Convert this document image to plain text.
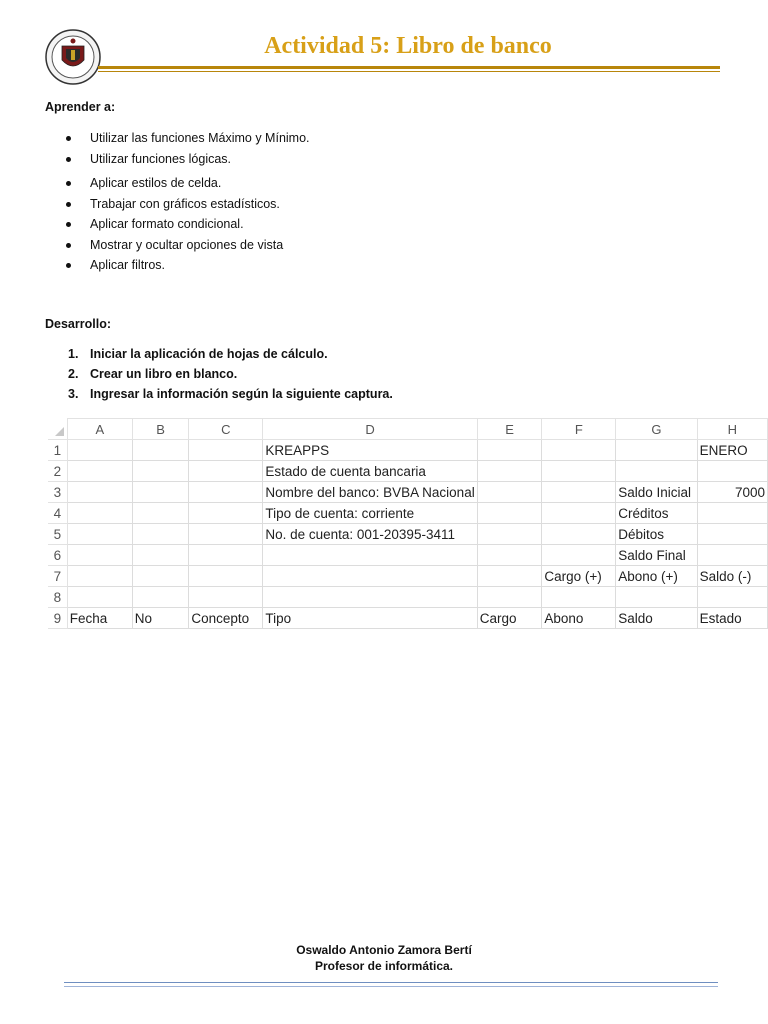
Actividad 5: Libro de banco
Aprender a:
Utilizar las funciones Máximo y Mínimo.
Utilizar funciones lógicas.
Aplicar estilos de celda.
Trabajar con gráficos estadísticos.
Aplicar formato condicional.
Mostrar y ocultar opciones de vista
Aplicar filtros.
Desarrollo:
1. Iniciar la aplicación de hojas de cálculo.
2. Crear un libro en blanco.
3. Ingresar la información según la siguiente captura.
	A	B	C	D	E	F	G	H
1				KREAPPS				ENERO
2				Estado de cuenta bancaria				
3				Nombre del banco: BVBA Nacional			Saldo Inicial	7000
4				Tipo de cuenta: corriente			Créditos	
5				No. de cuenta: 001-20395-3411			Débitos	
6							Saldo Final	
7						Cargo (+)	Abono (+)	Saldo (-)
8								
9	Fecha	No	Concepto	Tipo	Cargo	Abono	Saldo	Estado
Oswaldo Antonio Zamora Bertí
Profesor de informática.
